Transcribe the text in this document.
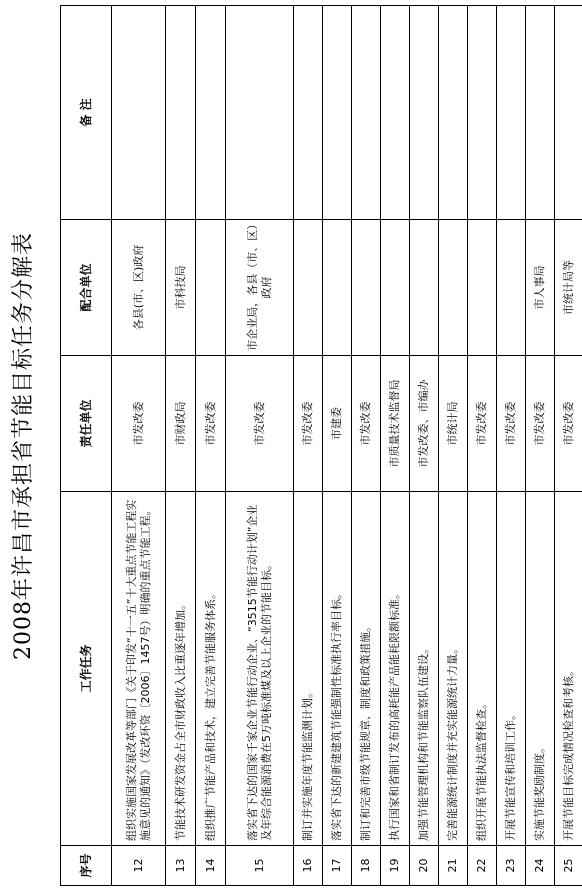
2008年许昌市承担省节能目标任务分解表
序号	工作任务	责任单位	配合单位	备 注
12	组织实施国家发展改革等部门《关于印发“十一五”十大重点节能工程实施意见的通知》（发改环资〔2006〕1457号）明确的重点节能工程。	市发改委	各县(市、区)政府	
13	节能技术研发资金占全市财政收入比重逐年增加。	市财政局	市科技局	
14	组织推广节能产品和技术，建立完善节能服务体系。	市发改委		
15	落实省下达的国家千家企业节能行动企业、“3515节能行动计划”企业及年综合能源消费在5万吨标准煤及以上企业的节能目标。	市发改委	市企业局，各县（市、区）政府	
16	制订并实施年度节能监测计划。	市发改委		
17	落实省下达的新建建筑节能强制性标准执行率目标。	市建委		
18	制订和完善市级节能规章、制度和政策措施。	市发改委		
19	执行国家和省制订发布的高耗能产品能耗限额标准。	市质量技术监督局		
20	加强节能管理机构和节能监察队伍建设。	市发改委、市编办		
21	完善能源统计制度并充实能源统计力量。	市统计局		
22	组织开展节能执法监督检查。	市发改委		
23	开展节能宣传和培训工作。	市发改委		
24	实施节能奖励制度。	市发改委	市人事局	
25	开展节能目标完成情况检查和考核。	市发改委	市统计局等	
